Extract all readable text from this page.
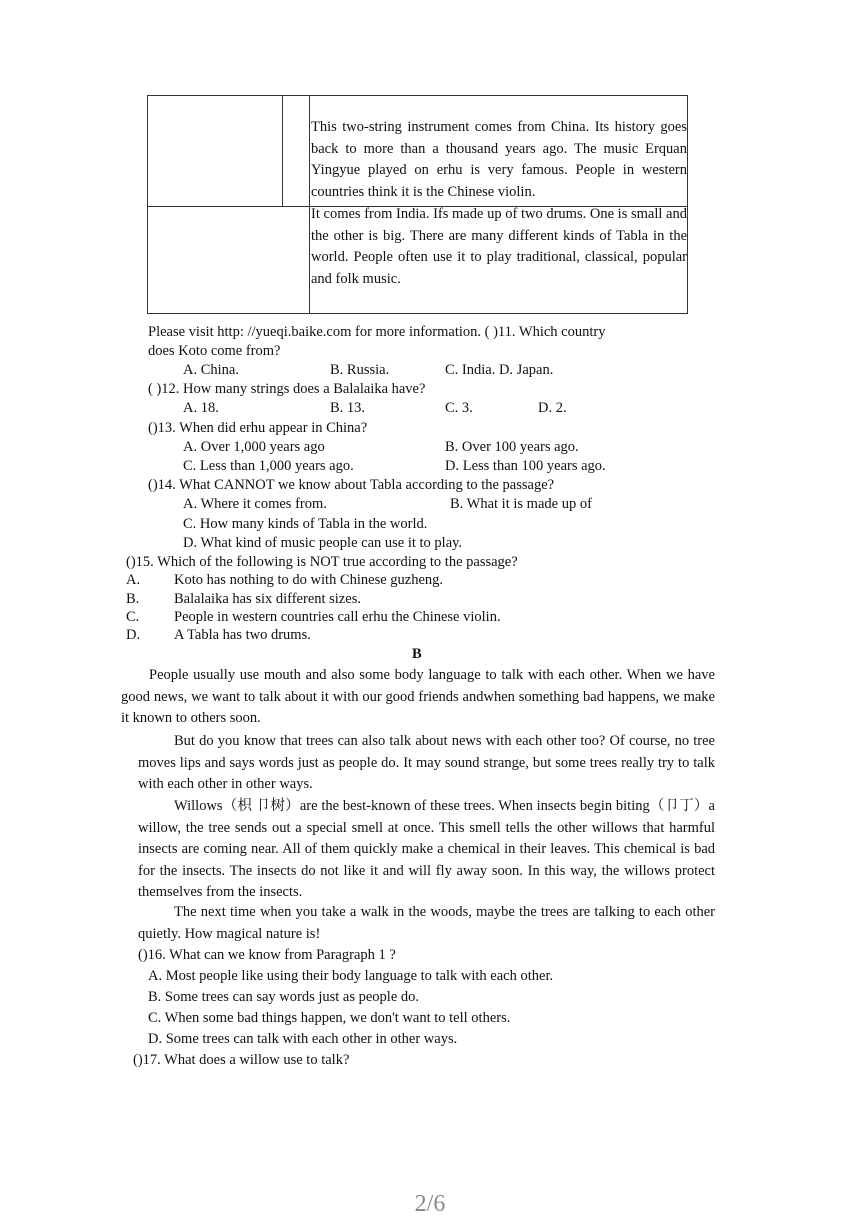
This two-string instrument comes from China. Its history goes back to more than a thousand years ago. The music Erquan Yingyue played on erhu is very famous. People in western countries think it is the Chinese violin.
It comes from India. Ifs made up of two drums. One is small and the other is big. There are many different kinds of Tabla in the world. People often use it to play traditional, classical, popular and folk music.
Please visit http: //yueqi.baike.com for more information. ( )11. Which country
does Koto come from?
A. China.	B. Russia.	C. India. D. Japan.
( )12. How many strings does a Balalaika have?
A. 18.	B. 13.	C. 3.	D. 2.
()13. When did erhu appear in China?
A. Over 1,000 years ago	B. Over 100 years ago.
C. Less than 1,000 years ago.	D. Less than 100 years ago.
()14. What CANNOT we know about Tabla according to the passage?
A. Where it comes from.	B. What it is made up of
C. How many kinds of Tabla in the world.
D. What kind of music people can use it to play.
()15. Which of the following is NOT true according to the passage?
A. Koto has nothing to do with Chinese guzheng.
B. Balalaika has six different sizes.
C. People in western countries call erhu the Chinese violin.
D. A Tabla has two drums.
B
People usually use mouth and also some body language to talk with each other. When we have good news, we want to talk about it with our good friends andwhen something bad happens, we make it known to others soon.
But do you know that trees can also talk about news with each other too? Of course, no tree moves lips and says words just as people do. It may sound strange, but some trees really try to talk with each other in other ways.
Willows（枳 卩树）are the best-known of these trees. When insects begin biting（卩丁）a willow, the tree sends out a special smell at once. This smell tells the other willows that harmful insects are coming near. All of them quickly make a chemical in their leaves. This chemical is bad for the insects. The insects do not like it and will fly away soon. In this way, the willows protect themselves from the insects.
The next time when you take a walk in the woods, maybe the trees are talking to each other quietly. How magical nature is!
()16. What can we know from Paragraph 1 ?
A. Most people like using their body language to talk with each other.
B. Some trees can say words just as people do.
C. When some bad things happen, we don't want to tell others.
D. Some trees can talk with each other in other ways.
()17. What does a willow use to talk?
2/6
